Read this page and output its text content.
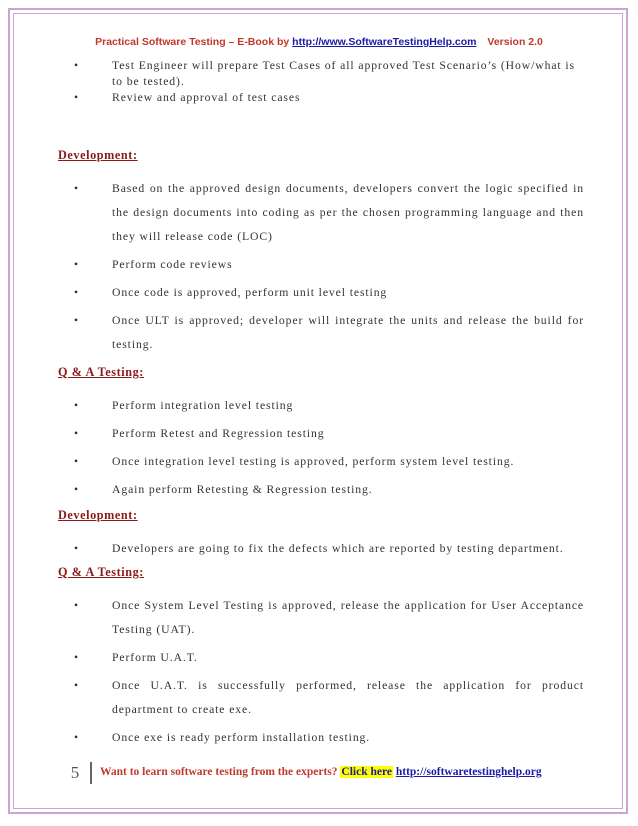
Practical Software Testing – E-Book by http://www.SoftwareTestingHelp.com Version 2.0
•	Test Engineer will prepare Test Cases of all approved Test Scenario’s (How/what is to be tested).
•	Review and approval of test cases
Development:
•	Based on the approved design documents, developers convert the logic specified in the design documents into coding as per the chosen programming language and then they will release code (LOC)
•	Perform code reviews
•	Once code is approved, perform unit level testing
•	Once ULT is approved; developer will integrate the units and release the build for testing.
Q & A Testing:
•	Perform integration level testing
•	Perform Retest and Regression testing
•	Once integration level testing is approved, perform system level testing.
•	Again perform Retesting & Regression testing.
Development:
•	Developers are going to fix the defects which are reported by testing department.
Q & A Testing:
•	Once System Level Testing is approved, release the application for User Acceptance Testing (UAT).
•	Perform U.A.T.
•	Once U.A.T. is successfully performed, release the application for product department to create exe.
•	Once exe is ready perform installation testing.
5	Want to learn software testing from the experts? Click here http://softwaretestinghelp.org
